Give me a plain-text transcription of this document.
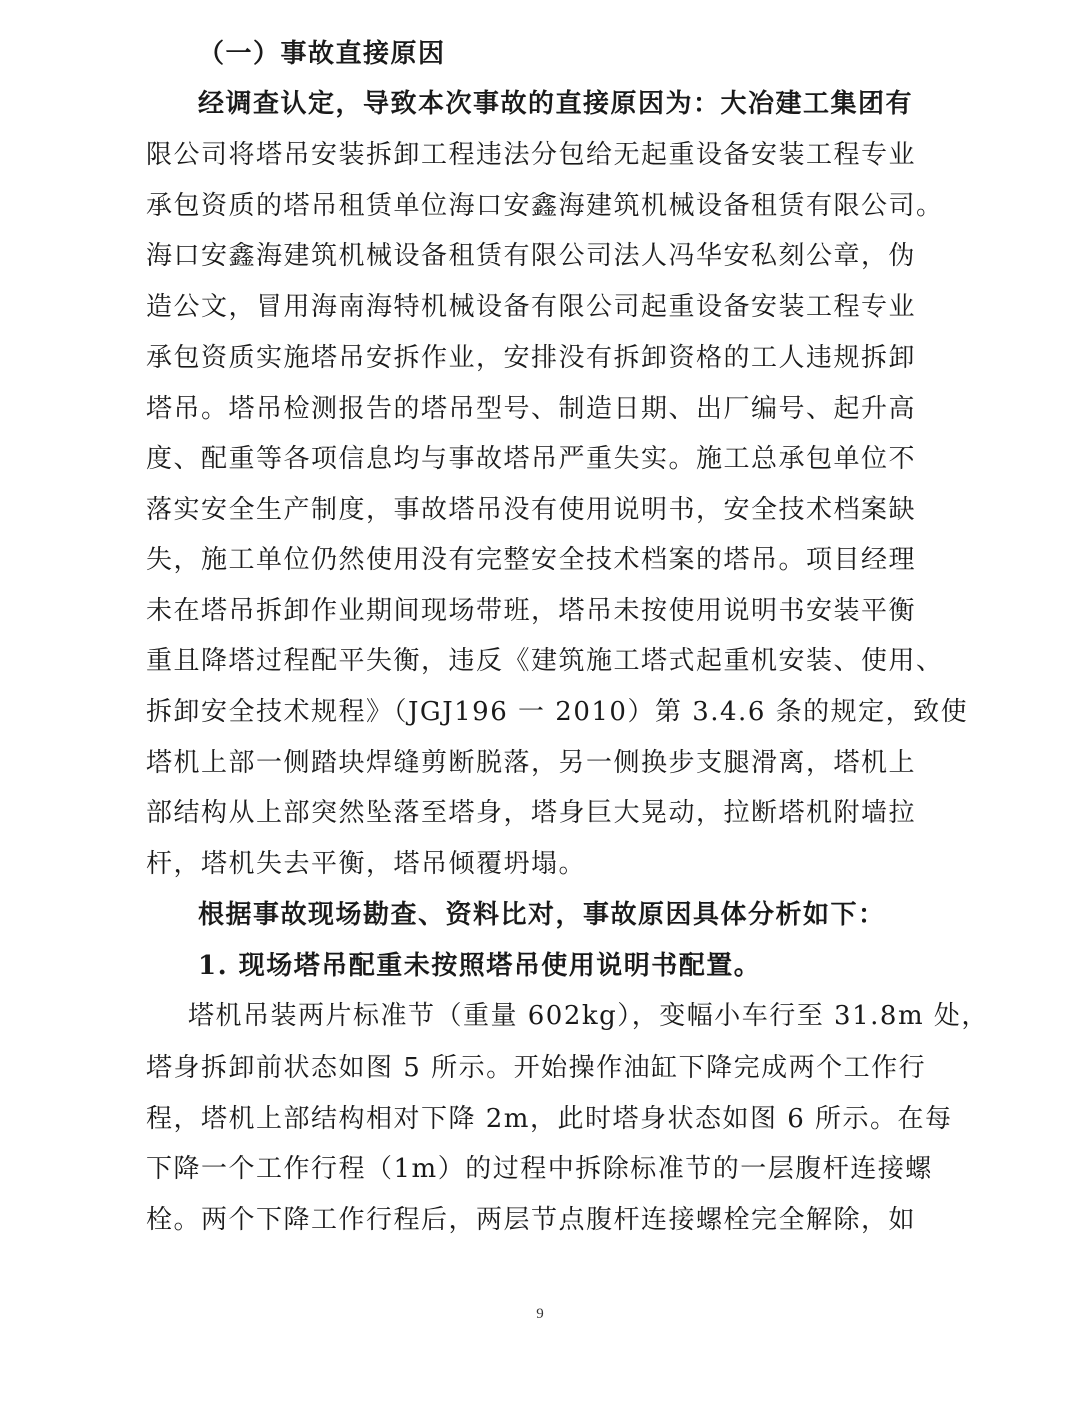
（一）事故直接原因
经调查认定，导致本次事故的直接原因为：大冶建工集团有
限公司将塔吊安装拆卸工程违法分包给无起重设备安装工程专业
承包资质的塔吊租赁单位海口安鑫海建筑机械设备租赁有限公司。
海口安鑫海建筑机械设备租赁有限公司法人冯华安私刻公章，伪
造公文，冒用海南海特机械设备有限公司起重设备安装工程专业
承包资质实施塔吊安拆作业，安排没有拆卸资格的工人违规拆卸
塔吊。塔吊检测报告的塔吊型号、制造日期、出厂编号、起升高
度、配重等各项信息均与事故塔吊严重失实。施工总承包单位不
落实安全生产制度，事故塔吊没有使用说明书，安全技术档案缺
失，施工单位仍然使用没有完整安全技术档案的塔吊。项目经理
未在塔吊拆卸作业期间现场带班，塔吊未按使用说明书安装平衡
重且降塔过程配平失衡，违反《建筑施工塔式起重机安装、使用、
拆卸安全技术规程》（JGJ196 一 2010）第 3.4.6 条的规定，致使
塔机上部一侧踏块焊缝剪断脱落，另一侧换步支腿滑离，塔机上
部结构从上部突然坠落至塔身，塔身巨大晃动，拉断塔机附墙拉
杆，塔机失去平衡，塔吊倾覆坍塌。
根据事故现场勘查、资料比对，事故原因具体分析如下：
1. 现场塔吊配重未按照塔吊使用说明书配置。
塔机吊装两片标准节（重量 602kg），变幅小车行至 31.8m 处，
塔身拆卸前状态如图 5 所示。开始操作油缸下降完成两个工作行
程，塔机上部结构相对下降 2m，此时塔身状态如图 6 所示。在每
下降一个工作行程（1m）的过程中拆除标准节的一层腹杆连接螺
栓。两个下降工作行程后，两层节点腹杆连接螺栓完全解除，如
9
